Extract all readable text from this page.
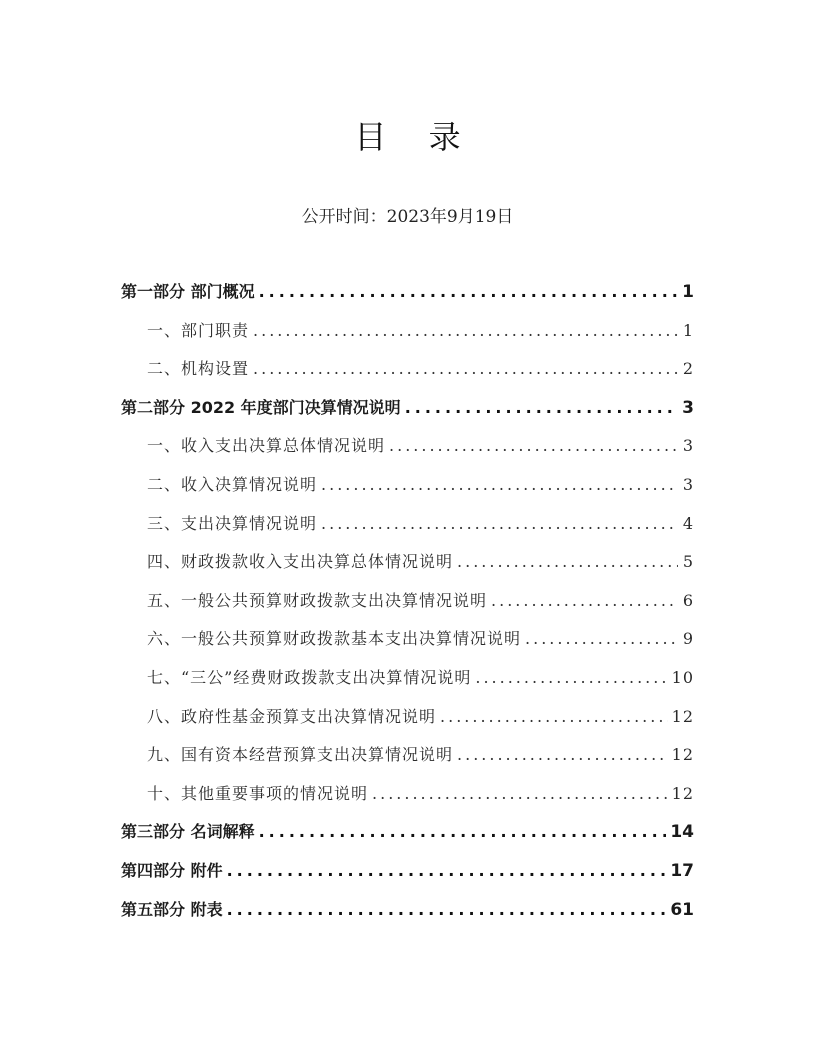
目 录
公开时间：2023年9月19日
第一部分 部门概况 .....	1
一、部门职责 .....	1
二、机构设置 .....	2
第二部分 2022 年度部门决算情况说明 .....	3
一、收入支出决算总体情况说明 .....	3
二、收入决算情况说明 .....	3
三、支出决算情况说明 .....	4
四、财政拨款收入支出决算总体情况说明 .....	5
五、一般公共预算财政拨款支出决算情况说明 .....	6
六、一般公共预算财政拨款基本支出决算情况说明 .....	9
七、“三公”经费财政拨款支出决算情况说明 .....	10
八、政府性基金预算支出决算情况说明 .....	12
九、国有资本经营预算支出决算情况说明 .....	12
十、其他重要事项的情况说明 .....	12
第三部分 名词解释 .....	14
第四部分 附件 .....	17
第五部分 附表 .....	61
